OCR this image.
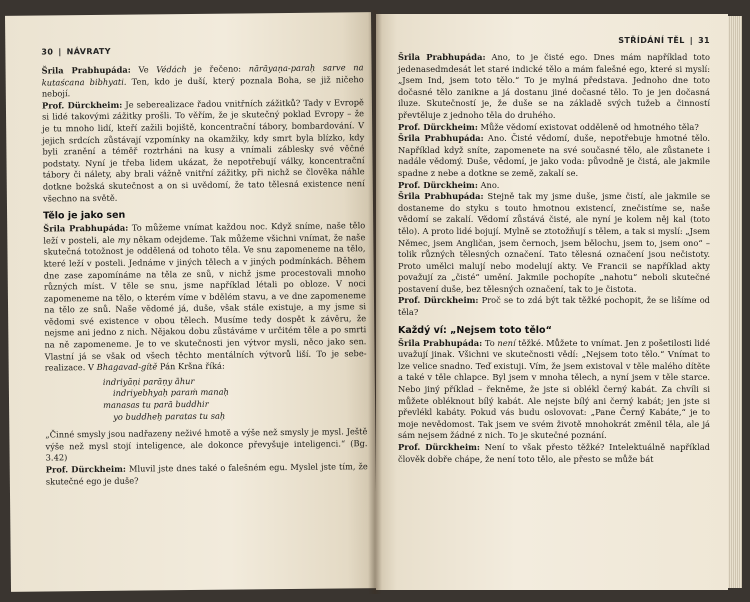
30 | NÁVRATY

Šrila Prabhupáda: Ve Védách je řečeno: nārāyaṇa-paraḥ sarve na kutaścana bibhyati. Ten, kdo je duší, který poznala Boha, se již ničeho nebojí.

Prof. Dürckheim: Je seberealizace řadou vnitřních zážitků? Tady v Evropě si lidé takovými zážitky prošli. To věřím, že je skutečný poklad Evropy – že je tu mnoho lidí, kteří zažili bojiště, koncentrační tábory, bombardování. V jejich srdcích zůstávají vzpomínky na okamžiky, kdy smrt byla blízko, kdy byli zranění a téměř roztrháni na kusy a vnímali záblesky své věčné podstaty. Nyní je třeba lidem ukázat, že nepotřebují války, koncentrační tábory či nálety, aby brali vážně vnitřní zážitky, při nichž se člověka náhle dotkne božská skutečnost a on si uvědomí, že tato tělesná existence není všechno na světě.

Tělo je jako sen

Šrila Prabhupáda: To můžeme vnímat každou noc. Když sníme, naše tělo leží v posteli, ale my někam odejdeme. Tak můžeme všichni vnímat, že naše skutečná totožnost je oddělená od tohoto těla. Ve snu zapomeneme na tělo, které leží v posteli. Jednáme v jiných tělech a v jiných podmínkách. Během dne zase zapomínáme na těla ze snů, v nichž jsme procestovali mnoho různých míst. V těle se snu, jsme například létali po obloze. V noci zapomeneme na tělo, o kterém víme v bdělém stavu, a ve dne zapomeneme na tělo ze snů. Naše vědomé já, duše, však stále existuje, a my jsme si vědomi své existence v obou tělech. Musíme tedy dospět k závěru, že nejsme ani jedno z nich. Nějakou dobu zůstáváme v určitém těle a po smrti na ně zapomeneme. Je to ve skutečnosti jen výtvor mysli, něco jako sen. Vlastní já se však od všech těchto mentálních výtvorů liší. To je seberealizace. V Bhagavad-gítě Pán Kršna říká:

indriyāṇi parāṇy āhur
indriyebhyaḥ paraṁ manaḥ
manasas tu parā buddhir
yo buddheḥ paratas tu saḥ

„Činné smysly jsou nadřazeny neživé hmotě a výše než smysly je mysl. Ještě výše než mysl stojí inteligence, ale dokonce převyšuje inteligenci.“ (Bg. 3.42)

Prof. Dürckheim: Mluvil jste dnes také o falešném egu. Myslel jste tím, že skutečné ego je duše?

STŘÍDÁNÍ TĚL | 31

Šrila Prabhupáda: Ano, to je čisté ego. Dnes mám například toto jedenasedmdesát let staré indické tělo a mám falešné ego, které si myslí: „Jsem Ind, jsem toto tělo.“ To je mylná představa. Jednoho dne toto dočasné tělo zanikne a já dostanu jiné dočasné tělo. To je jen dočasná iluze. Skutečností je, že duše se na základě svých tužeb a činností převtěluje z jednoho těla do druhého.

Prof. Dürckheim: Může vědomí existovat odděleně od hmotného těla?

Šrila Prabhupáda: Ano. Čisté vědomí, duše, nepotřebuje hmotné tělo. Například když sníte, zapomenete na své současné tělo, ale zůstanete i nadále vědomý. Duše, vědomí, je jako voda: původně je čistá, ale jakmile spadne z nebe a dotkne se země, zakalí se.

Prof. Dürckheim: Ano.

Šrila Prabhupáda: Stejně tak my jsme duše, jsme čistí, ale jakmile se dostaneme do styku s touto hmotnou existencí, znečistíme se, naše vědomí se zakalí. Vědomí zůstává čisté, ale nyní je kolem něj kal (toto tělo). A proto lidé bojují. Mylně se ztotožňují s tělem, a tak si myslí: „Jsem Němec, jsem Angličan, jsem černoch, jsem bělochu, jsem to, jsem ono“ – tolik různých tělesných označení. Tato tělesná označení jsou nečistoty. Proto umělci malují nebo modelují akty. Ve Francii se například akty považují za „čisté“ umění. Jakmile pochopíte „nahotu“ neboli skutečné postavení duše, bez tělesných označení, tak to je čistota.

Prof. Dürckheim: Proč se to zdá být tak těžké pochopit, že se lišíme od těla?

Každý ví: „Nejsem toto tělo“

Šrila Prabhupáda: To není těžké. Můžete to vnímat. Jen z pošetilosti lidé uvažují jinak. Všichni ve skutečnosti vědí: „Nejsem toto tělo.“ Vnímat to lze velice snadno. Teď existuji. Vím, že jsem existoval v těle malého dítěte a také v těle chlapce. Byl jsem v mnoha tělech, a nyní jsem v těle starce. Nebo jiný příklad – řekněme, že jste si oblékl černý kabát. Za chvíli si můžete obléknout bílý kabát. Ale nejste bílý ani černý kabát; jen jste si převlékl kabáty. Pokud vás budu oslovovat: „Pane Černý Kabáte,“ je to moje nevědomost. Tak jsem ve svém životě mnohokrát změnil těla, ale já sám nejsem žádné z nich. To je skutečné poznání.

Prof. Dürckheim: Není to však přesto těžké? Intelektuálně například člověk dobře chápe, že není toto tělo, ale přesto se může bát
